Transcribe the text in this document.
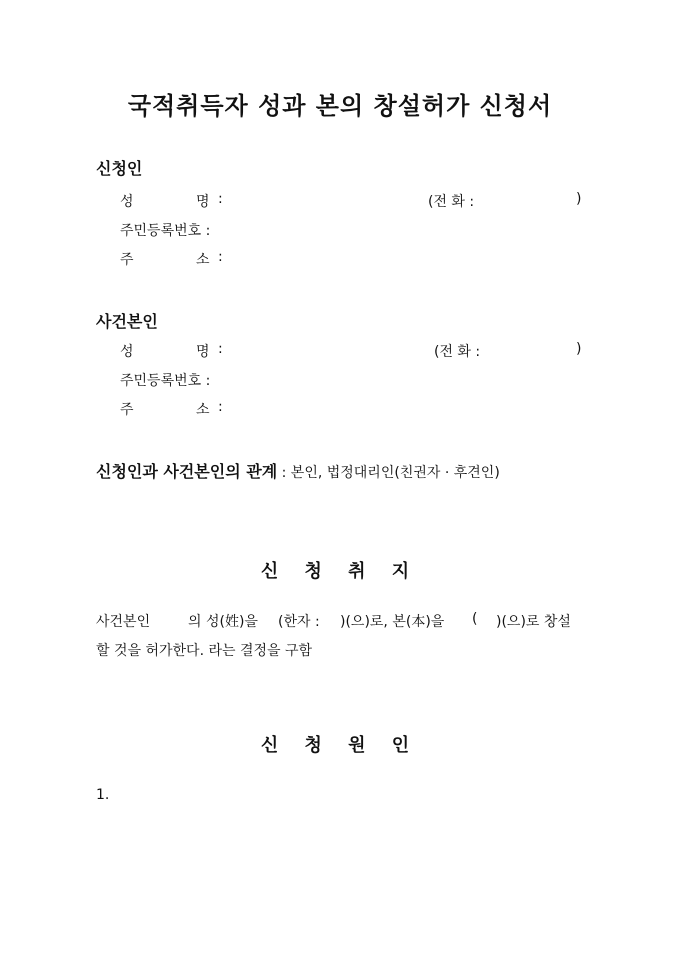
국적취득자 성과 본의 창설허가 신청서
신청인
성	명 :	(전 화 :	)
주민등록번호 :
주	소 :
사건본인
성	명 :	(전 화 :	)
주민등록번호 :
주	소 :
신청인과 사건본인의 관계 : 본인, 법정대리인(친권자 · 후견인)
신 청 취 지
사건본인	의 성(姓)을 (한자 : )(으)로, 본(本)을 ( )(으)로 창설
할 것을 허가한다. 라는 결정을 구함
신 청 원 인
1.
